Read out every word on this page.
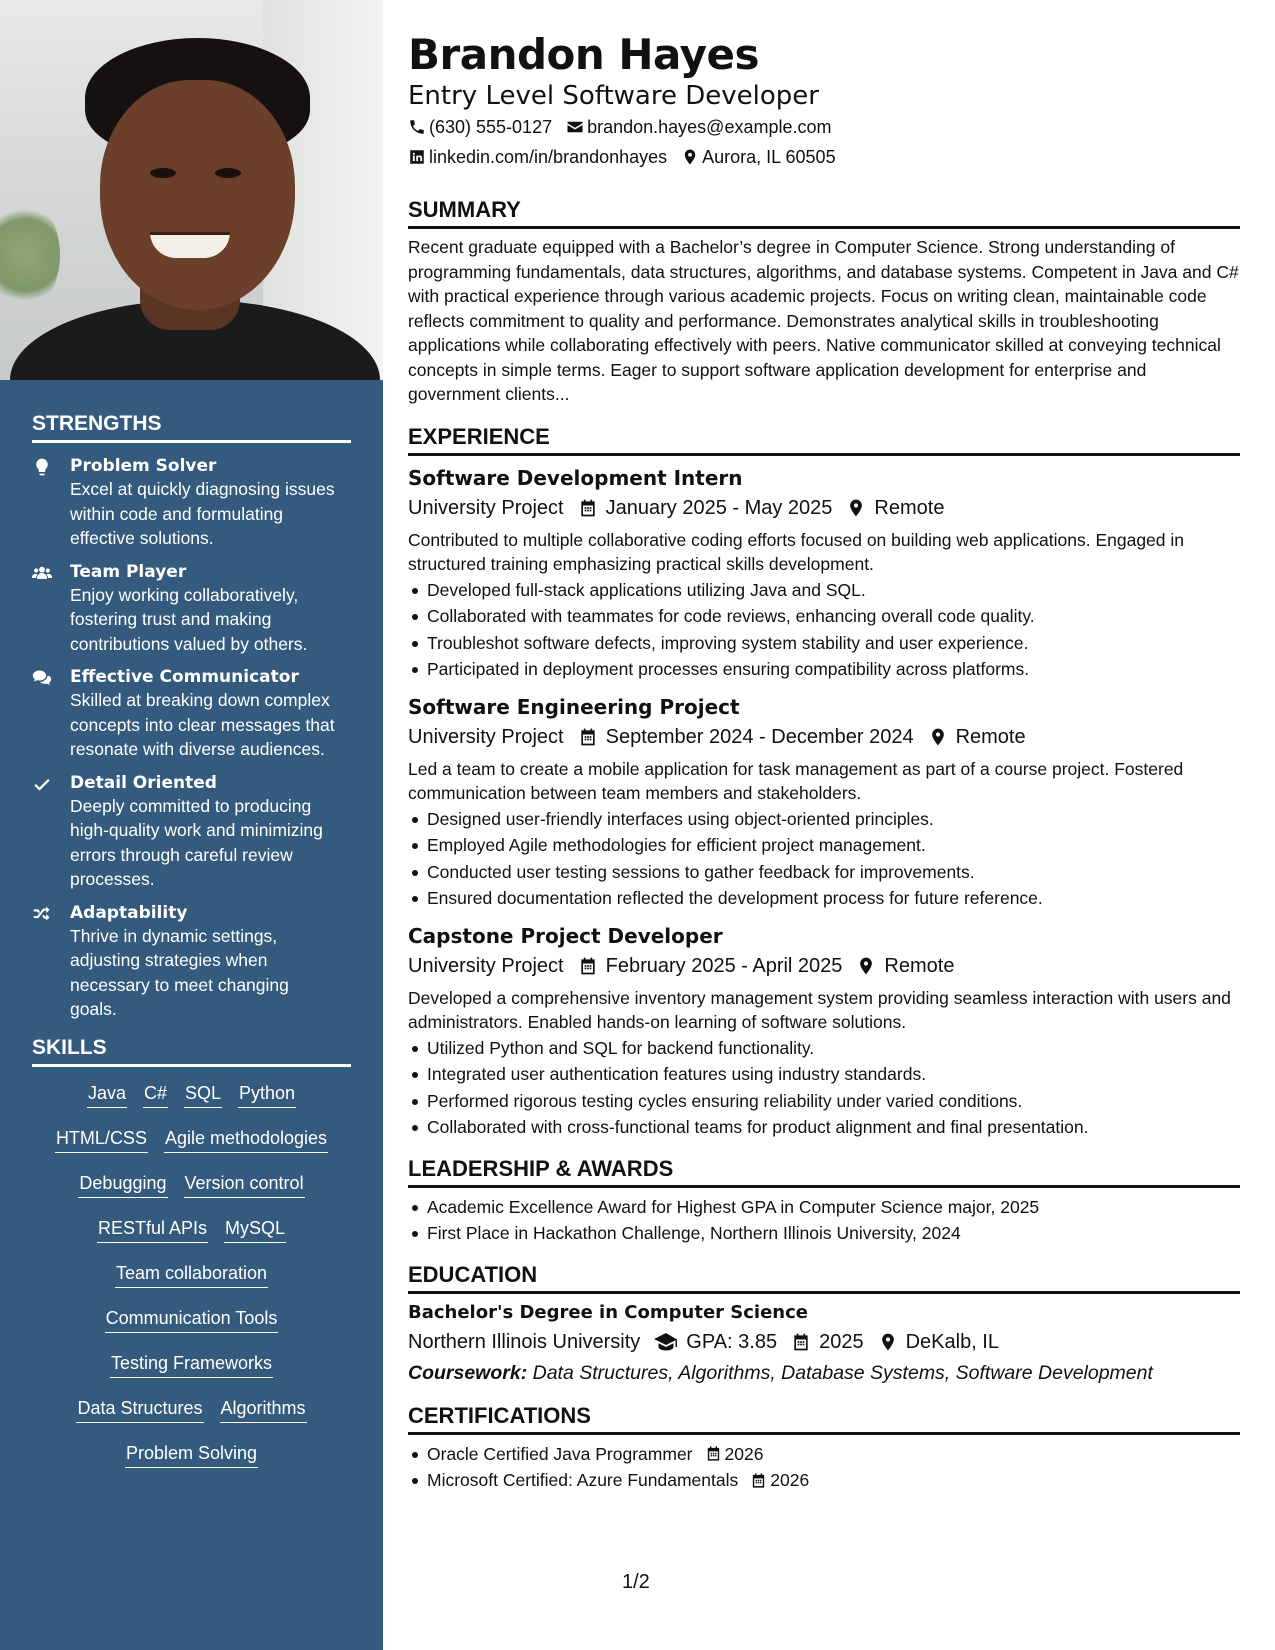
STRENGTHS
Problem Solver
Excel at quickly diagnosing issues within code and formulating effective solutions.
Team Player
Enjoy working collaboratively, fostering trust and making contributions valued by others.
Effective Communicator
Skilled at breaking down complex concepts into clear messages that resonate with diverse audiences.
Detail Oriented
Deeply committed to producing high-quality work and minimizing errors through careful review processes.
Adaptability
Thrive in dynamic settings, adjusting strategies when necessary to meet changing goals.
SKILLS
Java C# SQL Python
HTML/CSS Agile methodologies
Debugging Version control
RESTful APIs MySQL
Team collaboration
Communication Tools
Testing Frameworks
Data Structures Algorithms
Problem Solving
Brandon Hayes
Entry Level Software Developer
(630) 555-0127 brandon.hayes@example.com
linkedin.com/in/brandonhayes Aurora, IL 60505
SUMMARY

Recent graduate equipped with a Bachelor’s degree in Computer Science. Strong understanding of programming fundamentals, data structures, algorithms, and database systems. Competent in Java and C# with practical experience through various academic projects. Focus on writing clean, maintainable code reflects commitment to quality and performance. Demonstrates analytical skills in troubleshooting applications while collaborating effectively with peers. Native communicator skilled at conveying technical concepts in simple terms. Eager to support software application development for enterprise and government clients...

EXPERIENCE
Software Development Intern
University Project January 2025 - May 2025 Remote

Contributed to multiple collaborative coding efforts focused on building web applications. Engaged in structured training emphasizing practical skills development.

Developed full-stack applications utilizing Java and SQL.
Collaborated with teammates for code reviews, enhancing overall code quality.
Troubleshot software defects, improving system stability and user experience.
Participated in deployment processes ensuring compatibility across platforms.
Software Engineering Project
University Project September 2024 - December 2024 Remote

Led a team to create a mobile application for task management as part of a course project. Fostered communication between team members and stakeholders.

Designed user-friendly interfaces using object-oriented principles.
Employed Agile methodologies for efficient project management.
Conducted user testing sessions to gather feedback for improvements.
Ensured documentation reflected the development process for future reference.
Capstone Project Developer
University Project February 2025 - April 2025 Remote

Developed a comprehensive inventory management system providing seamless interaction with users and administrators. Enabled hands-on learning of software solutions.

Utilized Python and SQL for backend functionality.
Integrated user authentication features using industry standards.
Performed rigorous testing cycles ensuring reliability under varied conditions.
Collaborated with cross-functional teams for product alignment and final presentation.
LEADERSHIP & AWARDS
Academic Excellence Award for Highest GPA in Computer Science major, 2025
First Place in Hackathon Challenge, Northern Illinois University, 2024
EDUCATION
Bachelor's Degree in Computer Science
Northern Illinois University GPA: 3.85 2025 DeKalb, IL
Coursework: Data Structures, Algorithms, Database Systems, Software Development
CERTIFICATIONS
Oracle Certified Java Programmer 2026
Microsoft Certified: Azure Fundamentals 2026
1/2
